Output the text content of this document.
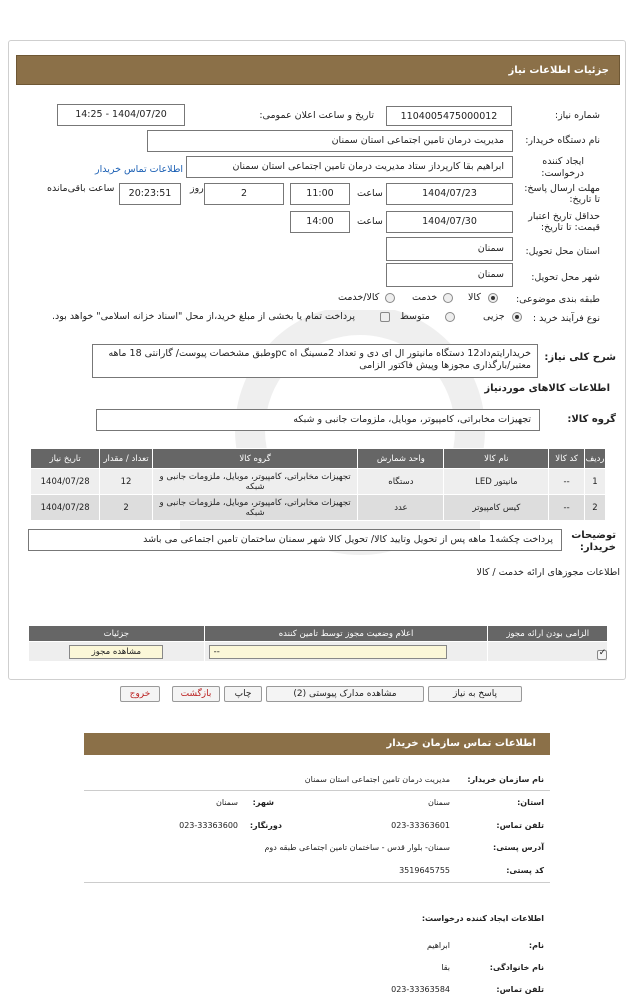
جزئیات اطلاعات نیاز
شماره نیاز:
1104005475000012
تاریخ و ساعت اعلان عمومی:
1404/07/20 - 14:25
نام دستگاه خریدار:
مدیریت درمان تامین اجتماعی استان سمنان
ایجاد کننده درخواست:
ابراهیم بقا کارپرداز ستاد مدیریت درمان تامین اجتماعی استان سمنان
اطلاعات تماس خریدار
مهلت ارسال پاسخ: تا تاریخ:
1404/07/23
ساعت
11:00
2
روز
20:23:51
ساعت باقی‌مانده
حداقل تاریخ اعتبار قیمت: تا تاریخ:
1404/07/30
ساعت
14:00
استان محل تحویل:
سمنان
شهر محل تحویل:
سمنان
طبقه بندی موضوعی:
کالا
خدمت
کالا/خدمت
نوع فرآیند خرید :
جزیی
متوسط
پرداخت تمام یا بخشی از مبلغ خرید،از محل "اسناد خزانه اسلامی" خواهد بود.
شرح کلی نیاز:
خریدارایتم‌داد12 دستگاه مانیتور ال ای دی و تعداد 2مسینگ اه pcوطبق مشخصات پیوست/ گارانتی 18 ماهه معتبر/بارگذاری مجوزها وپیش فاکتور الزامی
اطلاعات کالاهای موردنیاز
گروه کالا:
تجهیزات مخابراتی، کامپیوتر، موبایل، ملزومات جانبی و شبکه
ردیف	کد کالا	نام کالا	واحد شمارش	گروه کالا	تعداد / مقدار	تاریخ نیاز
1	--	مانیتور LED	دستگاه	تجهیزات مخابراتی، کامپیوتر، موبایل، ملزومات جانبی و شبکه	12	1404/07/28
2	--	کیس کامپیوتر	عدد	تجهیزات مخابراتی، کامپیوتر، موبایل، ملزومات جانبی و شبکه	2	1404/07/28
توضیحات خریدار:
پرداخت چکشه1 ماهه پس از تحویل وتایید کالا/ تحویل کالا شهر سمنان ساختمان تامین اجتماعی می باشد
اطلاعات مجوزهای ارائه خدمت / کالا
الزامی بودن ارائه مجوز	اعلام وضعیت مجوز توسط تامین کننده	جزئیات

✓	--	مشاهده مجوز
پاسخ به نیاز
مشاهده مدارک پیوستی (2)
چاپ
بازگشت
خروج
اطلاعات تماس سازمان خریدار
نام سازمان خریدار:
مدیریت درمان تامین اجتماعی استان سمنان
استان:
سمنان
شهر:
سمنان
تلفن تماس:
023-33363601
دورنگار:
023-33363600
آدرس پستی:
سمنان- بلوار قدس - ساختمان تامین اجتماعی طبقه دوم
کد پستی:
3519645755
اطلاعات ایجاد کننده درخواست:
نام:
ابراهیم
نام خانوادگی:
بقا
تلفن تماس:
023-33363584
